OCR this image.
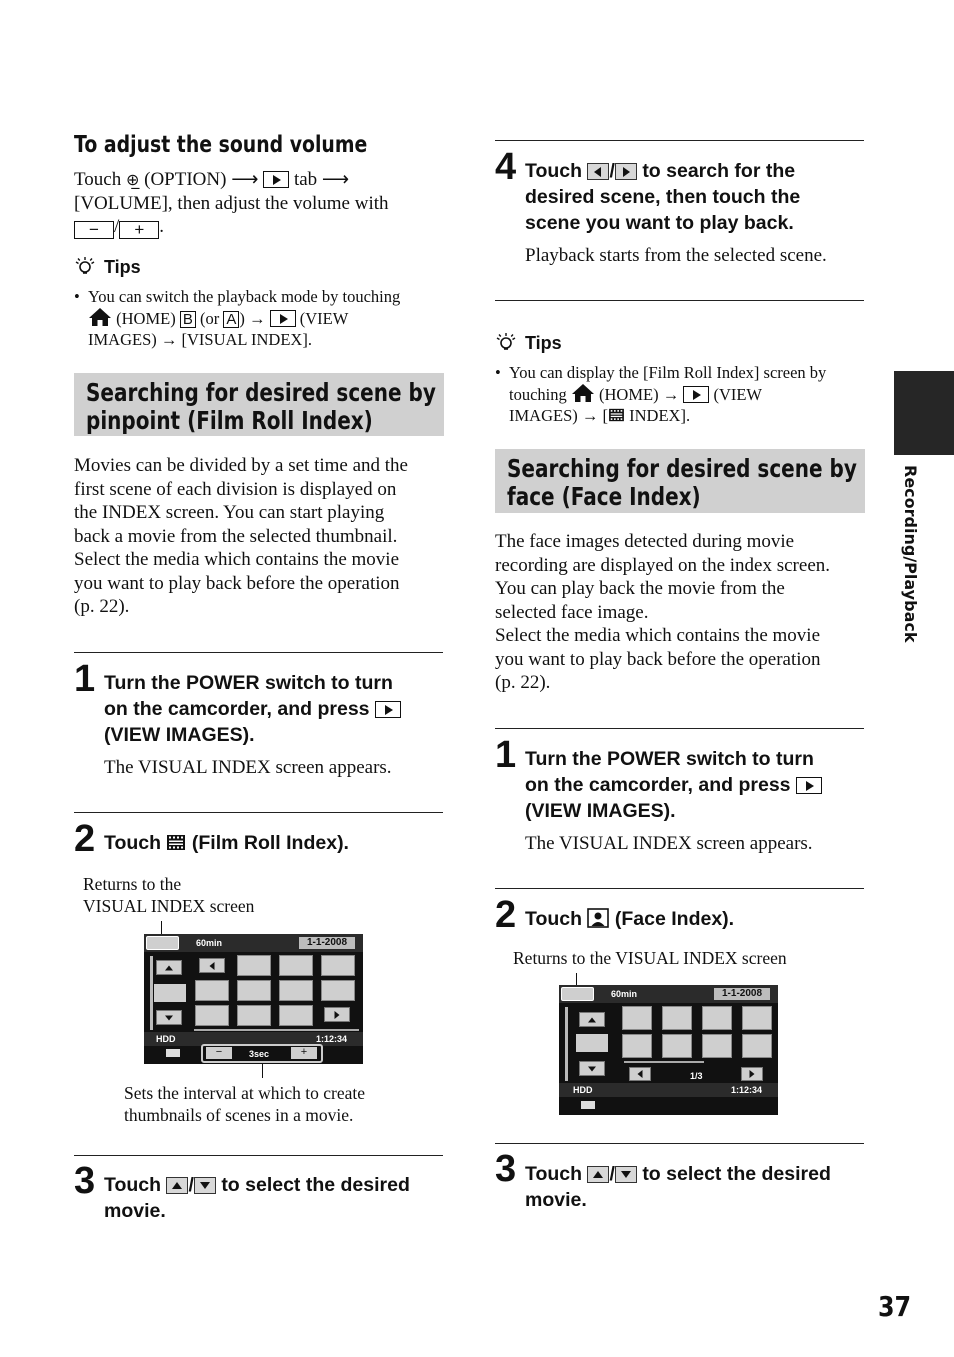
To adjust the sound volume
Touch ⊕̲ (OPTION) ⟶ tab ⟶
[VOLUME], then adjust the volume with
− / + .
Tips
• You can switch the playback mode by touching
(HOME) B (or A ) → (VIEW
IMAGES) → [VISUAL INDEX].
Searching for desired scene by
pinpoint (Film Roll Index)
Movies can be divided by a set time and the
first scene of each division is displayed on
the INDEX screen. You can start playing
back a movie from the selected thumbnail.
Select the media which contains the movie
you want to play back before the operation
(p. 22).
1 Turn the POWER switch to turn
on the camcorder, and press
(VIEW IMAGES).
The VISUAL INDEX screen appears.
2 Touch (Film Roll Index).
Returns to the
VISUAL INDEX screen
60min	1-1-2008
HDD	1:12:34
−	3sec	+
Sets the interval at which to create
thumbnails of scenes in a movie.
3 Touch / to select the desired
movie.
4 Touch / to search for the
desired scene, then touch the
scene you want to play back.
Playback starts from the selected scene.
Tips
• You can display the [Film Roll Index] screen by
touching (HOME) → (VIEW
IMAGES) → [ INDEX].
Searching for desired scene by
face (Face Index)
The face images detected during movie
recording are displayed on the index screen.
You can play back the movie from the
selected face image.
Select the media which contains the movie
you want to play back before the operation
(p. 22).
1 Turn the POWER switch to turn
on the camcorder, and press
(VIEW IMAGES).
The VISUAL INDEX screen appears.
2 Touch (Face Index).
Returns to the VISUAL INDEX screen
60min	1-1-2008
1/3
HDD	1:12:34
3 Touch / to select the desired
movie.
Recording/Playback
37
